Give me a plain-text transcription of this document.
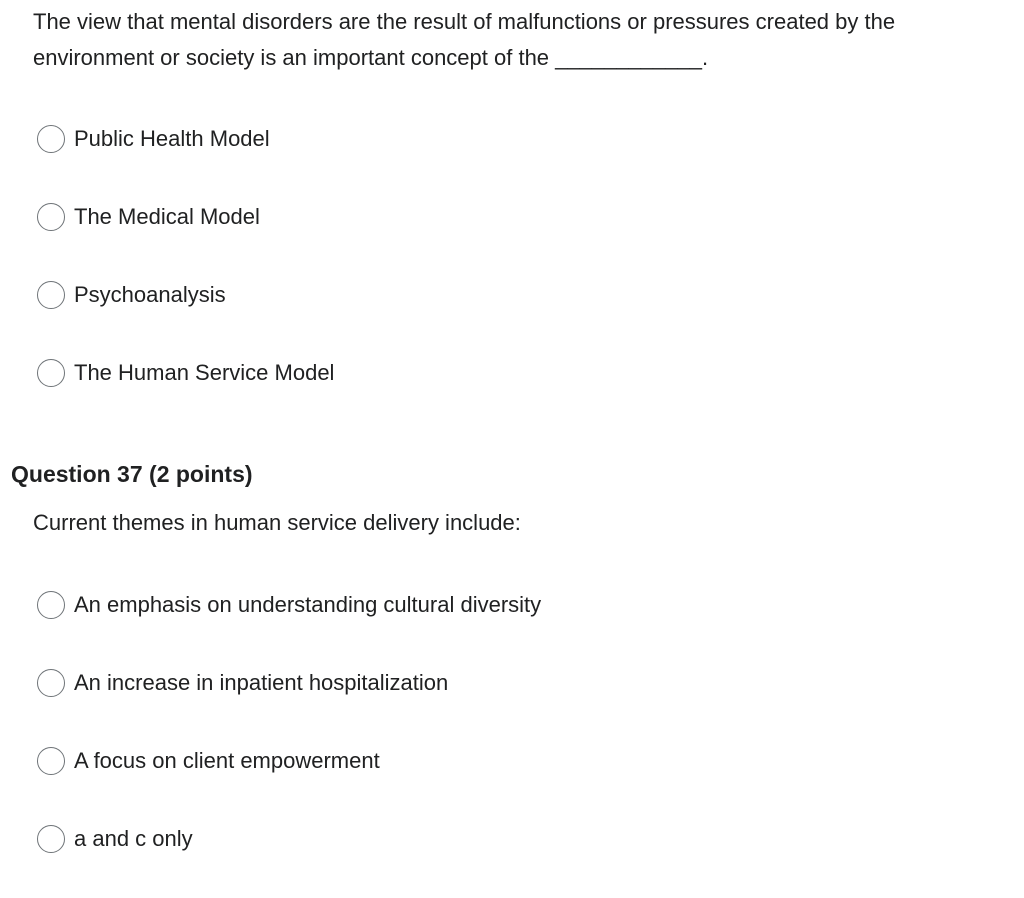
The view that mental disorders are the result of malfunctions or pressures created by the environment or society is an important concept of the ____________.

Public Health Model
The Medical Model
Psychoanalysis
The Human Service Model
Question 37 (2 points)

Current themes in human service delivery include:

An emphasis on understanding cultural diversity
An increase in inpatient hospitalization
A focus on client empowerment
a and c only
